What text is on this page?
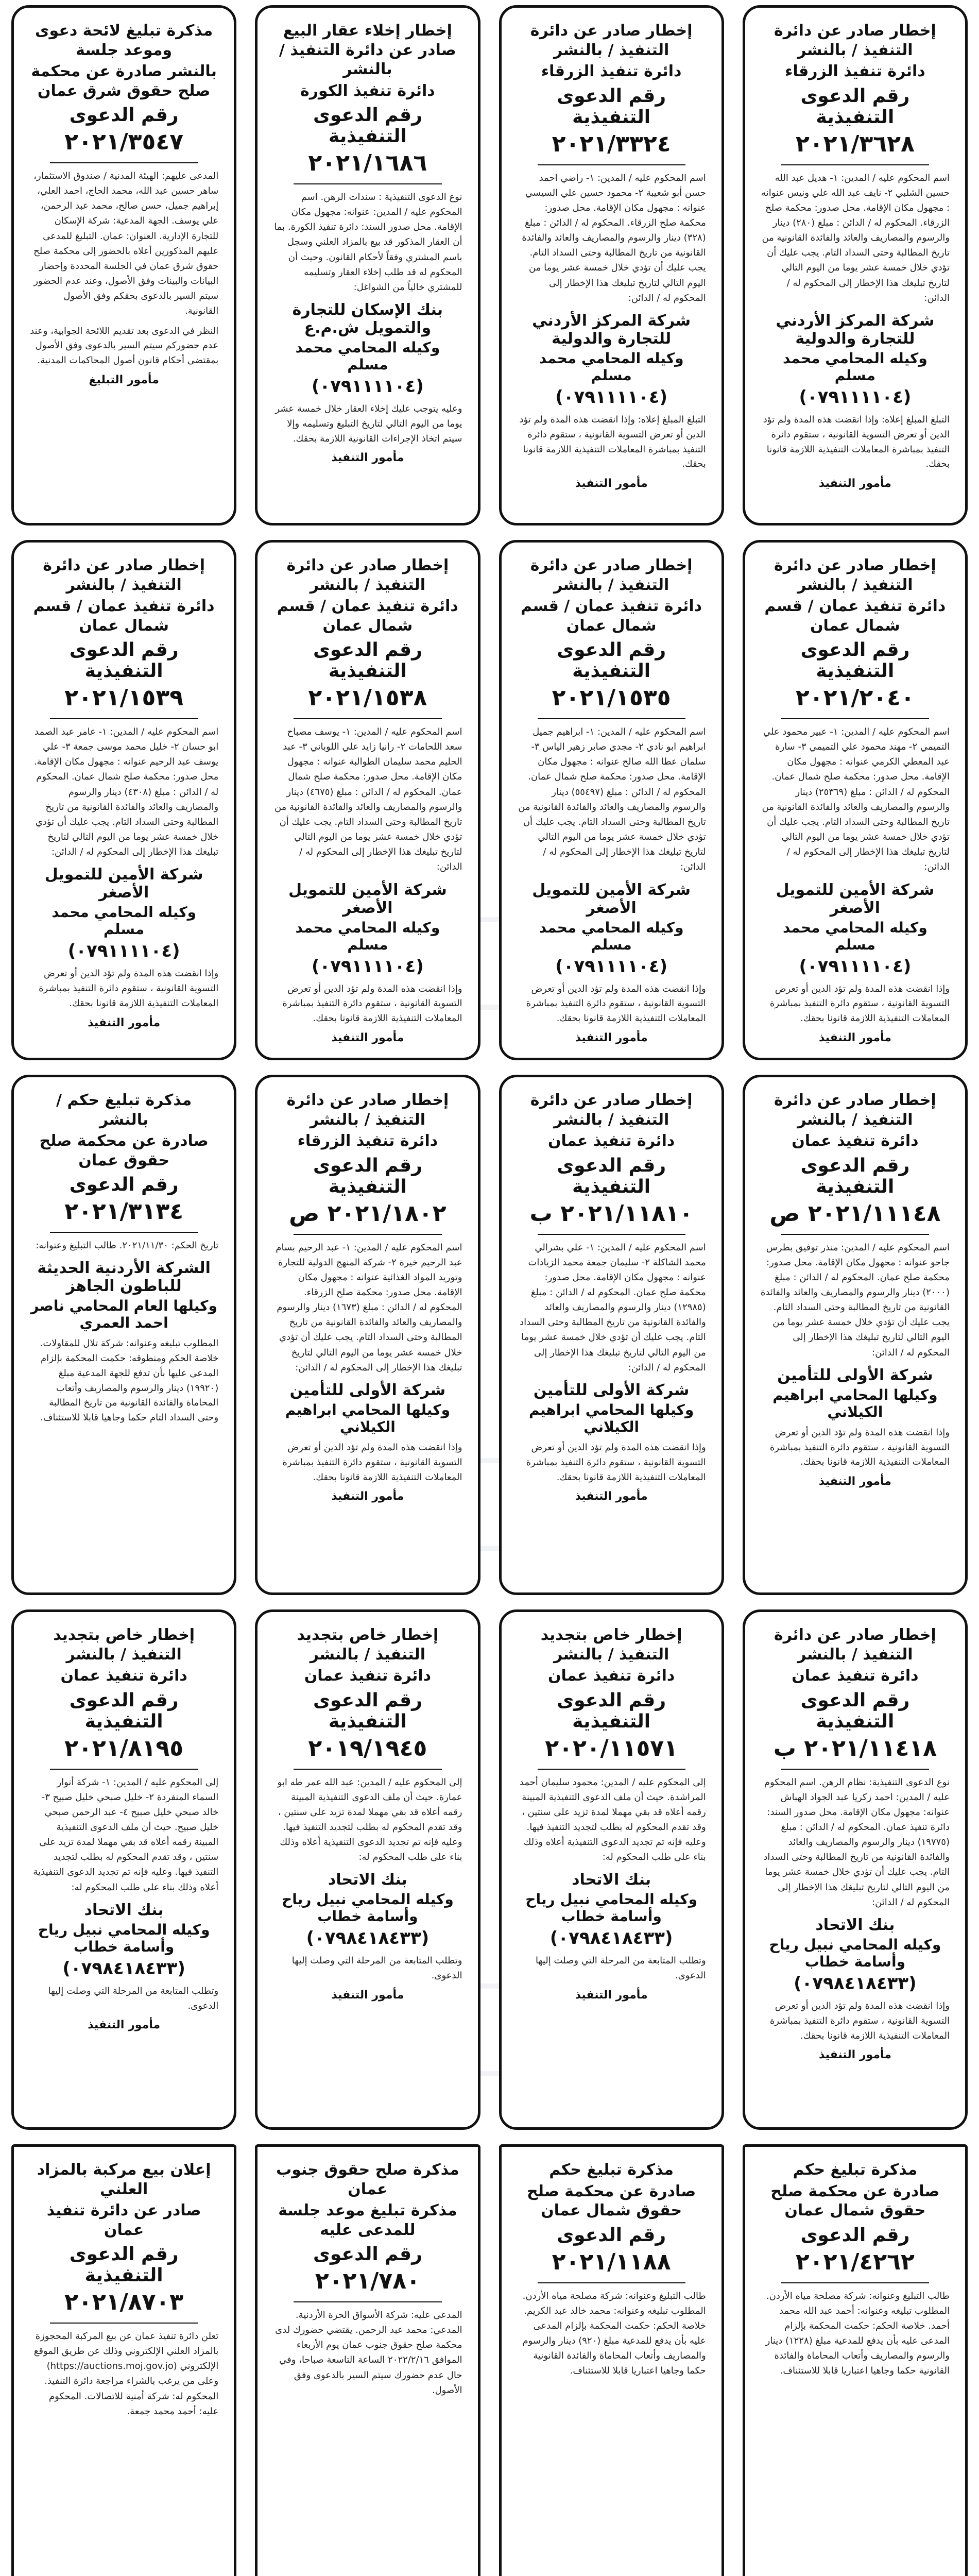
إخطار صادر عن دائرة التنفيذ / بالنشر
دائرة تنفيذ الزرقاء
رقم الدعوى التنفيذية
٢٠٢١/٣٦٢٨
اسم المحكوم عليه / المدين: ١- هديل عبد الله حسين الشلبي ٢- نايف عبد الله علي ونيس عنوانه : مجهول مكان الإقامة. محل صدور: محكمة صلح الزرقاء. المحكوم له / الدائن : مبلغ (٢٨٠) دينار والرسوم والمصاريف والعائد والفائدة القانونية من تاريخ المطالبة وحتى السداد التام. يجب عليك أن تؤدي خلال خمسة عشر يوما من اليوم التالي لتاريخ تبليغك هذا الإخطار إلى المحكوم له / الدائن:
شركة المركز الأردني للتجارة والدولية
وكيله المحامي محمد مسلم
(٠٧٩١١١١٠٤)
التبلغ المبلغ إعلاه: وإذا انقضت هذه المدة ولم تؤد الدين أو تعرض التسوية القانونية ، ستقوم دائرة التنفيذ بمباشرة المعاملات التنفيذية اللازمة قانونا بحقك.
مأمور التنفيذ
إخطار صادر عن دائرة التنفيذ / بالنشر
دائرة تنفيذ الزرقاء
رقم الدعوى التنفيذية
٢٠٢١/٣٣٢٤
اسم المحكوم عليه / المدين: ١- راضي احمد حسن أبو شعيبة ٢- محمود حسين علي السيسي عنوانه : مجهول مكان الإقامة. محل صدور: محكمة صلح الزرقاء. المحكوم له / الدائن : مبلغ (٣٢٨) دينار والرسوم والمصاريف والعائد والفائدة القانونية من تاريخ المطالبة وحتى السداد التام. يجب عليك أن تؤدي خلال خمسة عشر يوما من اليوم التالي لتاريخ تبليغك هذا الإخطار إلى المحكوم له / الدائن:
شركة المركز الأردني للتجارة والدولية
وكيله المحامي محمد مسلم
(٠٧٩١١١١٠٤)
التبلغ المبلغ إعلاه: وإذا انقضت هذه المدة ولم تؤد الدين أو تعرض التسوية القانونية ، ستقوم دائرة التنفيذ بمباشرة المعاملات التنفيذية اللازمة قانونا بحقك.
مأمور التنفيذ
إخطار إخلاء عقار البيع صادر عن دائرة التنفيذ / بالنشر
دائرة تنفيذ الكورة
رقم الدعوى التنفيذية
٢٠٢١/١٦٨٦
نوع الدعوى التنفيذية : سندات الرهن. اسم المحكوم عليه / المدين: عنوانه: مجهول مكان الإقامة. محل صدور السند: دائرة تنفيذ الكورة. بما أن العقار المذكور قد بيع بالمزاد العلني وسجل باسم المشتري وفقاً لأحكام القانون. وحيث أن المحكوم له قد طلب إخلاء العقار وتسليمه للمشتري خالياً من الشواغل:
بنك الإسكان للتجارة والتمويل ش.م.ع
وكيله المحامي محمد مسلم
(٠٧٩١١١١٠٤)
وعليه يتوجب عليك إخلاء العقار خلال خمسة عشر يوما من اليوم التالي لتاريخ التبليغ وتسليمه وإلا سيتم اتخاذ الإجراءات القانونية اللازمة بحقك.
مأمور التنفيذ
مذكرة تبليغ لائحة دعوى وموعد جلسة
بالنشر صادرة عن محكمة صلح حقوق شرق عمان
رقم الدعوى
٢٠٢١/٣٥٤٧
المدعى عليهم: الهيئة المدنية / صندوق الاستثمار، ساهر حسين عبد الله، محمد الحاج، احمد العلي، إبراهيم جميل، حسن صالح، محمد عبد الرحمن، علي يوسف. الجهة المدعية: شركة الإسكان للتجارة الإدارية. العنوان: عمان. التبليغ للمدعى عليهم المذكورين أعلاه بالحضور إلى محكمة صلح حقوق شرق عمان في الجلسة المحددة وإحضار البيانات والبينات وفق الأصول، وعند عدم الحضور سيتم السير بالدعوى بحقكم وفق الأصول القانونية.
النظر في الدعوى بعد تقديم اللائحة الجوابية، وعند عدم حضوركم سيتم السير بالدعوى وفق الأصول بمقتضى أحكام قانون أصول المحاكمات المدنية.
مأمور التبليغ
إخطار صادر عن دائرة التنفيذ / بالنشر
دائرة تنفيذ عمان / قسم شمال عمان
رقم الدعوى التنفيذية
٢٠٢١/٢٠٤٠
اسم المحكوم عليه / المدين: ١- عبير محمود علي التميمي ٢- مهند محمود علي التميمي ٣- سارة عبد المعطي الكرمي عنوانه : مجهول مكان الإقامة. محل صدور: محكمة صلح شمال عمان. المحكوم له / الدائن : مبلغ (٢٥٣٦٩) دينار والرسوم والمصاريف والعائد والفائدة القانونية من تاريخ المطالبة وحتى السداد التام. يجب عليك أن تؤدي خلال خمسة عشر يوما من اليوم التالي لتاريخ تبليغك هذا الإخطار إلى المحكوم له / الدائن:
شركة الأمين للتمويل الأصغر
وكيله المحامي محمد مسلم
(٠٧٩١١١١٠٤)
وإذا انقضت هذه المدة ولم تؤد الدين أو تعرض التسوية القانونية ، ستقوم دائرة التنفيذ بمباشرة المعاملات التنفيذية اللازمة قانونا بحقك.
مأمور التنفيذ
إخطار صادر عن دائرة التنفيذ / بالنشر
دائرة تنفيذ عمان / قسم شمال عمان
رقم الدعوى التنفيذية
٢٠٢١/١٥٣٥
اسم المحكوم عليه / المدين: ١- ابراهيم جميل ابراهيم ابو نادي ٢- مجدي صابر زهير الياس ٣- سلمان عطا الله صالح عنوانه : مجهول مكان الإقامة. محل صدور: محكمة صلح شمال عمان. المحكوم له / الدائن : مبلغ (٥٥٤٩٧) دينار والرسوم والمصاريف والعائد والفائدة القانونية من تاريخ المطالبة وحتى السداد التام. يجب عليك أن تؤدي خلال خمسة عشر يوما من اليوم التالي لتاريخ تبليغك هذا الإخطار إلى المحكوم له / الدائن:
شركة الأمين للتمويل الأصغر
وكيله المحامي محمد مسلم
(٠٧٩١١١١٠٤)
وإذا انقضت هذه المدة ولم تؤد الدين أو تعرض التسوية القانونية ، ستقوم دائرة التنفيذ بمباشرة المعاملات التنفيذية اللازمة قانونا بحقك.
مأمور التنفيذ
إخطار صادر عن دائرة التنفيذ / بالنشر
دائرة تنفيذ عمان / قسم شمال عمان
رقم الدعوى التنفيذية
٢٠٢١/١٥٣٨
اسم المحكوم عليه / المدين: ١- يوسف مصباح سعد اللحامات ٢- رانيا زايد علي اللوباني ٣- عبد الحليم محمد سليمان الطوالبة عنوانه : مجهول مكان الإقامة. محل صدور: محكمة صلح شمال عمان. المحكوم له / الدائن : مبلغ (٤٦٧٥) دينار والرسوم والمصاريف والعائد والفائدة القانونية من تاريخ المطالبة وحتى السداد التام. يجب عليك أن تؤدي خلال خمسة عشر يوما من اليوم التالي لتاريخ تبليغك هذا الإخطار إلى المحكوم له / الدائن:
شركة الأمين للتمويل الأصغر
وكيله المحامي محمد مسلم
(٠٧٩١١١١٠٤)
وإذا انقضت هذه المدة ولم تؤد الدين أو تعرض التسوية القانونية ، ستقوم دائرة التنفيذ بمباشرة المعاملات التنفيذية اللازمة قانونا بحقك.
مأمور التنفيذ
إخطار صادر عن دائرة التنفيذ / بالنشر
دائرة تنفيذ عمان / قسم شمال عمان
رقم الدعوى التنفيذية
٢٠٢١/١٥٣٩
اسم المحكوم عليه / المدين: ١- عامر عبد الصمد ابو حسان ٢- خليل محمد موسى جمعة ٣- علي يوسف عبد الرحيم عنوانه : مجهول مكان الإقامة. محل صدور: محكمة صلح شمال عمان. المحكوم له / الدائن : مبلغ (٤٣٠٨) دينار والرسوم والمصاريف والعائد والفائدة القانونية من تاريخ المطالبة وحتى السداد التام. يجب عليك أن تؤدي خلال خمسة عشر يوما من اليوم التالي لتاريخ تبليغك هذا الإخطار إلى المحكوم له / الدائن:
شركة الأمين للتمويل الأصغر
وكيله المحامي محمد مسلم
(٠٧٩١١١١٠٤)
وإذا انقضت هذه المدة ولم تؤد الدين أو تعرض التسوية القانونية ، ستقوم دائرة التنفيذ بمباشرة المعاملات التنفيذية اللازمة قانونا بحقك.
مأمور التنفيذ
إخطار صادر عن دائرة التنفيذ / بالنشر
دائرة تنفيذ عمان
رقم الدعوى التنفيذية
٢٠٢١/١١١٤٨ ص
اسم المحكوم عليه / المدين: منذر توفيق بطرس جاجو عنوانه : مجهول مكان الإقامة. محل صدور: محكمة صلح عمان. المحكوم له / الدائن : مبلغ (٢٠٠٠) دينار والرسوم والمصاريف والعائد والفائدة القانونية من تاريخ المطالبة وحتى السداد التام. يجب عليك أن تؤدي خلال خمسة عشر يوما من اليوم التالي لتاريخ تبليغك هذا الإخطار إلى المحكوم له / الدائن:
شركة الأولى للتأمين
وكيلها المحامي ابراهيم الكيلاني
وإذا انقضت هذه المدة ولم تؤد الدين أو تعرض التسوية القانونية ، ستقوم دائرة التنفيذ بمباشرة المعاملات التنفيذية اللازمة قانونا بحقك.
مأمور التنفيذ
إخطار صادر عن دائرة التنفيذ / بالنشر
دائرة تنفيذ عمان
رقم الدعوى التنفيذية
٢٠٢١/١١٨١٠ ب
اسم المحكوم عليه / المدين: ١- علي بشرالي محمد الشاكلة ٢- سليمان جمعة محمد الزيادات عنوانه : مجهول مكان الإقامة. محل صدور: محكمة صلح عمان. المحكوم له / الدائن : مبلغ (١٢٩٨٥) دينار والرسوم والمصاريف والعائد والفائدة القانونية من تاريخ المطالبة وحتى السداد التام. يجب عليك أن تؤدي خلال خمسة عشر يوما من اليوم التالي لتاريخ تبليغك هذا الإخطار إلى المحكوم له / الدائن:
شركة الأولى للتأمين
وكيلها المحامي ابراهيم الكيلاني
وإذا انقضت هذه المدة ولم تؤد الدين أو تعرض التسوية القانونية ، ستقوم دائرة التنفيذ بمباشرة المعاملات التنفيذية اللازمة قانونا بحقك.
مأمور التنفيذ
إخطار صادر عن دائرة التنفيذ / بالنشر
دائرة تنفيذ الزرقاء
رقم الدعوى التنفيذية
٢٠٢١/١٨٠٢ ص
اسم المحكوم عليه / المدين: ١- عبد الرحيم بسام عبد الرحيم خيرة ٢- شركة المنهج الدولية للتجارة وتوريد المواد الغذائية عنوانه : مجهول مكان الإقامة. محل صدور: محكمة صلح الزرقاء. المحكوم له / الدائن : مبلغ (١٦٧٣) دينار والرسوم والمصاريف والعائد والفائدة القانونية من تاريخ المطالبة وحتى السداد التام. يجب عليك أن تؤدي خلال خمسة عشر يوما من اليوم التالي لتاريخ تبليغك هذا الإخطار إلى المحكوم له / الدائن:
شركة الأولى للتأمين
وكيلها المحامي ابراهيم الكيلاني
وإذا انقضت هذه المدة ولم تؤد الدين أو تعرض التسوية القانونية ، ستقوم دائرة التنفيذ بمباشرة المعاملات التنفيذية اللازمة قانونا بحقك.
مأمور التنفيذ
مذكرة تبليغ حكم / بالنشر
صادرة عن محكمة صلح حقوق عمان
رقم الدعوى
٢٠٢١/٣١٣٤
تاريخ الحكم: ٢٠٢١/١١/٣٠. طالب التبليغ وعنوانه:
الشركة الأردنية الحديثة للباطون الجاهز
وكيلها العام المحامي ناصر احمد العمري
المطلوب تبليغه وعنوانه: شركة تلال للمقاولات. خلاصة الحكم ومنطوقه: حكمت المحكمة بإلزام المدعى عليها بأن تدفع للجهة المدعية مبلغ (١٩٩٢٠) دينار والرسوم والمصاريف وأتعاب المحاماة والفائدة القانونية من تاريخ المطالبة وحتى السداد التام حكما وجاهيا قابلا للاستئناف.
إخطار صادر عن دائرة التنفيذ / بالنشر
دائرة تنفيذ عمان
رقم الدعوى التنفيذية
٢٠٢١/١١٤١٨ ب
نوع الدعوى التنفيذية: نظام الرهن. اسم المحكوم عليه / المدين: احمد زكريا عبد الجواد الهباش عنوانه: مجهول مكان الإقامة. محل صدور السند: دائرة تنفيذ عمان. المحكوم له / الدائن : مبلغ (١٩٧٧٥) دينار والرسوم والمصاريف والعائد والفائدة القانونية من تاريخ المطالبة وحتى السداد التام. يجب عليك أن تؤدي خلال خمسة عشر يوما من اليوم التالي لتاريخ تبليغك هذا الإخطار إلى المحكوم له / الدائن:
بنك الاتحاد
وكيله المحامي نبيل رياح وأسامة خطاب
(٠٧٩٨٤١٨٤٣٣)
وإذا انقضت هذه المدة ولم تؤد الدين أو تعرض التسوية القانونية ، ستقوم دائرة التنفيذ بمباشرة المعاملات التنفيذية اللازمة قانونا بحقك.
مأمور التنفيذ
إخطار خاص بتجديد التنفيذ / بالنشر
دائرة تنفيذ عمان
رقم الدعوى التنفيذية
٢٠٢٠/١١٥٧١
إلى المحكوم عليه / المدين: محمود سليمان أحمد المراشدة. حيث أن ملف الدعوى التنفيذية المبينة رقمه أعلاه قد بقي مهملا لمدة تزيد على سنتين ، وقد تقدم المحكوم له بطلب لتجديد التنفيذ فيها. وعليه فإنه تم تجديد الدعوى التنفيذية أعلاه وذلك بناء على طلب المحكوم له:
بنك الاتحاد
وكيله المحامي نبيل رياح وأسامة خطاب
(٠٧٩٨٤١٨٤٣٣)
وتطلب المتابعة من المرحلة التي وصلت إليها الدعوى.
مأمور التنفيذ
إخطار خاص بتجديد التنفيذ / بالنشر
دائرة تنفيذ عمان
رقم الدعوى التنفيذية
٢٠١٩/١٩٤٥
إلى المحكوم عليه / المدين: عبد الله عمر طه ابو عمارة. حيث أن ملف الدعوى التنفيذية المبينة رقمه أعلاه قد بقي مهملا لمدة تزيد على سنتين ، وقد تقدم المحكوم له بطلب لتجديد التنفيذ فيها. وعليه فإنه تم تجديد الدعوى التنفيذية أعلاه وذلك بناء على طلب المحكوم له:
بنك الاتحاد
وكيله المحامي نبيل رياح وأسامة خطاب
(٠٧٩٨٤١٨٤٣٣)
وتطلب المتابعة من المرحلة التي وصلت إليها الدعوى.
مأمور التنفيذ
إخطار خاص بتجديد التنفيذ / بالنشر
دائرة تنفيذ عمان
رقم الدعوى التنفيذية
٢٠٢١/٨١٩٥
إلى المحكوم عليه / المدين: ١- شركة أنوار السماء المنفردة ٢- خليل صبحي خليل صبيح ٣- خالد صبحي خليل صبيح ٤- عبد الرحمن صبحي خليل صبيح. حيث أن ملف الدعوى التنفيذية المبينة رقمه أعلاه قد بقي مهملا لمدة تزيد على سنتين ، وقد تقدم المحكوم له بطلب لتجديد التنفيذ فيها. وعليه فإنه تم تجديد الدعوى التنفيذية أعلاه وذلك بناء على طلب المحكوم له:
بنك الاتحاد
وكيله المحامي نبيل رياح وأسامة خطاب
(٠٧٩٨٤١٨٤٣٣)
وتطلب المتابعة من المرحلة التي وصلت إليها الدعوى.
مأمور التنفيذ
مذكرة تبليغ حكم
صادرة عن محكمة صلح حقوق شمال عمان
رقم الدعوى
٢٠٢١/٤٢٦٢
طالب التبليغ وعنوانه: شركة مصلحة مياه الأردن. المطلوب تبليغه وعنوانه: أحمد عبد الله محمد أحمد. خلاصة الحكم: حكمت المحكمة بإلزام المدعى عليه بأن يدفع للمدعية مبلغ (١٢٢٨) دينار والرسوم والمصاريف وأتعاب المحاماة والفائدة القانونية حكما وجاهيا اعتباريا قابلا للاستئناف.
مذكرة تبليغ حكم
صادرة عن محكمة صلح حقوق شمال عمان
رقم الدعوى
٢٠٢١/١١٨٨
طالب التبليغ وعنوانه: شركة مصلحة مياه الأردن. المطلوب تبليغه وعنوانه: محمد خالد عبد الكريم. خلاصة الحكم: حكمت المحكمة بإلزام المدعى عليه بأن يدفع للمدعية مبلغ (٩٢٠) دينار والرسوم والمصاريف وأتعاب المحاماة والفائدة القانونية حكما وجاهيا اعتباريا قابلا للاستئناف.
مذكرة صلح حقوق جنوب عمان
مذكرة تبليغ موعد جلسة للمدعى عليه
رقم الدعوى
٢٠٢١/٧٨٠
المدعى عليه: شركة الأسواق الحرة الأردنية. المدعي: محمد عبد الرحمن. يقتضي حضورك لدى محكمة صلح حقوق جنوب عمان يوم الأربعاء الموافق ٢٠٢٢/٢/١٦ الساعة التاسعة صباحا، وفي حال عدم حضورك سيتم السير بالدعوى وفق الأصول.
إعلان بيع مركبة بالمزاد العلني
صادر عن دائرة تنفيذ عمان
رقم الدعوى التنفيذية
٢٠٢١/٨٧٠٣
تعلن دائرة تنفيذ عمان عن بيع المركبة المحجوزة بالمزاد العلني الإلكتروني وذلك عن طريق الموقع الإلكتروني (https://auctions.moj.gov.jo) وعلى من يرغب بالشراء مراجعة دائرة التنفيذ. المحكوم له: شركة أمنية للاتصالات. المحكوم عليه: أحمد محمد جمعة.
